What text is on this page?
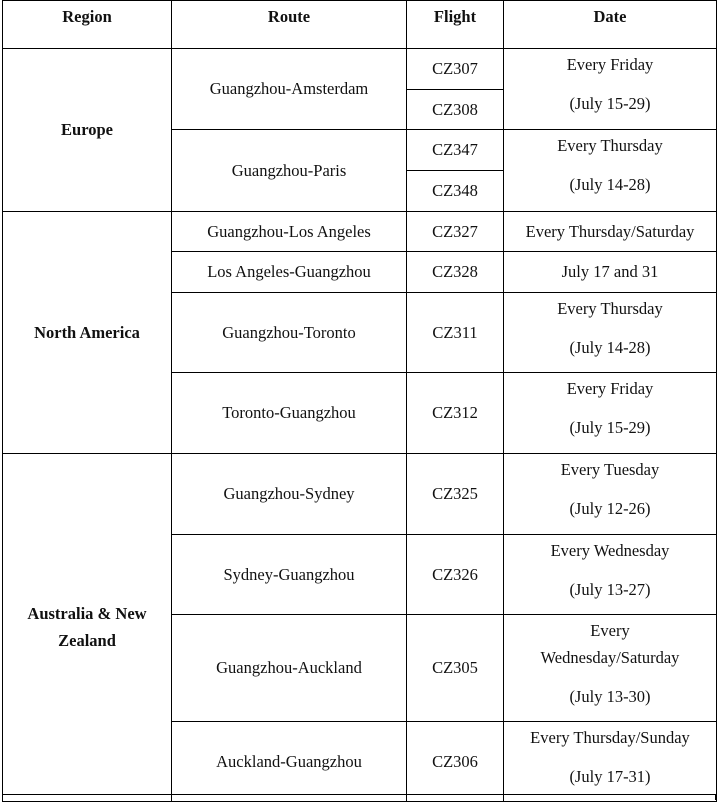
Region	Route	Flight	Date
Europe	Guangzhou-Amsterdam	CZ307	Every Friday
(July 15-29)

		CZ308	
	Guangzhou-Paris	CZ347	Every Thursday
(July 14-28)

		CZ348	
North America	Guangzhou-Los Angeles	CZ327	Every Thursday/Saturday
	Los Angeles-Guangzhou	CZ328	July 17 and 31
	Guangzhou-Toronto	CZ311	Every Thursday
(July 14-28)

	Toronto-Guangzhou	CZ312	Every Friday
(July 15-29)

Australia & New
Zealand	Guangzhou-Sydney	CZ325	Every Tuesday
(July 12-26)

	Sydney-Guangzhou	CZ326	Every Wednesday
(July 13-27)

	Guangzhou-Auckland	CZ305	Every
Wednesday/Saturday
(July 13-30)

	Auckland-Guangzhou	CZ306	Every Thursday/Sunday
(July 17-31)
